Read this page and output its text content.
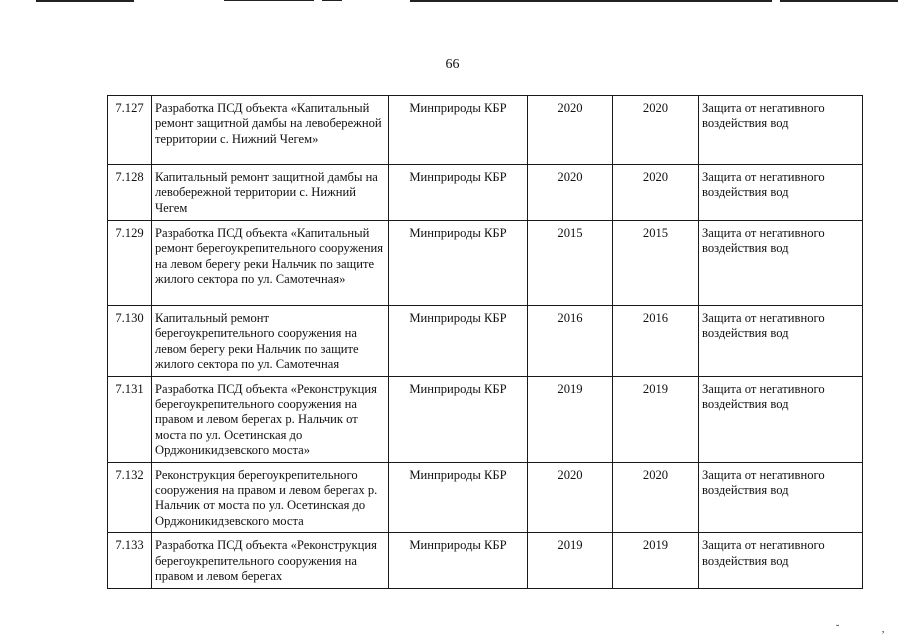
66
7.127	Разработка ПСД объекта «Капитальный ремонт защитной дамбы на левобережной территории с. Нижний Чегем»	Минприроды КБР	2020	2020	Защита от негативного воздействия вод
7.128	Капитальный ремонт защитной дамбы на левобережной территории с. Нижний Чегем	Минприроды КБР	2020	2020	Защита от негативного воздействия вод
7.129	Разработка ПСД объекта «Капитальный ремонт берегоукрепительного сооружения на левом берегу реки Нальчик по защите жилого сектора по ул. Самотечная»	Минприроды КБР	2015	2015	Защита от негативного воздействия вод
7.130	Капитальный ремонт берегоукрепительного сооружения на левом берегу реки Нальчик по защите жилого сектора по ул. Самотечная	Минприроды КБР	2016	2016	Защита от негативного воздействия вод
7.131	Разработка ПСД объекта «Реконструкция берегоукрепительного сооружения на правом и левом берегах р. Нальчик от моста по ул. Осетинская до Орджоникидзевского моста»	Минприроды КБР	2019	2019	Защита от негативного воздействия вод
7.132	Реконструкция берегоукрепительного сооружения на правом и левом берегах р. Нальчик от моста по ул. Осетинская до Орджоникидзевского моста	Минприроды КБР	2020	2020	Защита от негативного воздействия вод
7.133	Разработка ПСД объекта «Реконструкция берегоукрепительного сооружения на правом и левом берегах	Минприроды КБР	2019	2019	Защита от негативного воздействия вод
˘ ,
